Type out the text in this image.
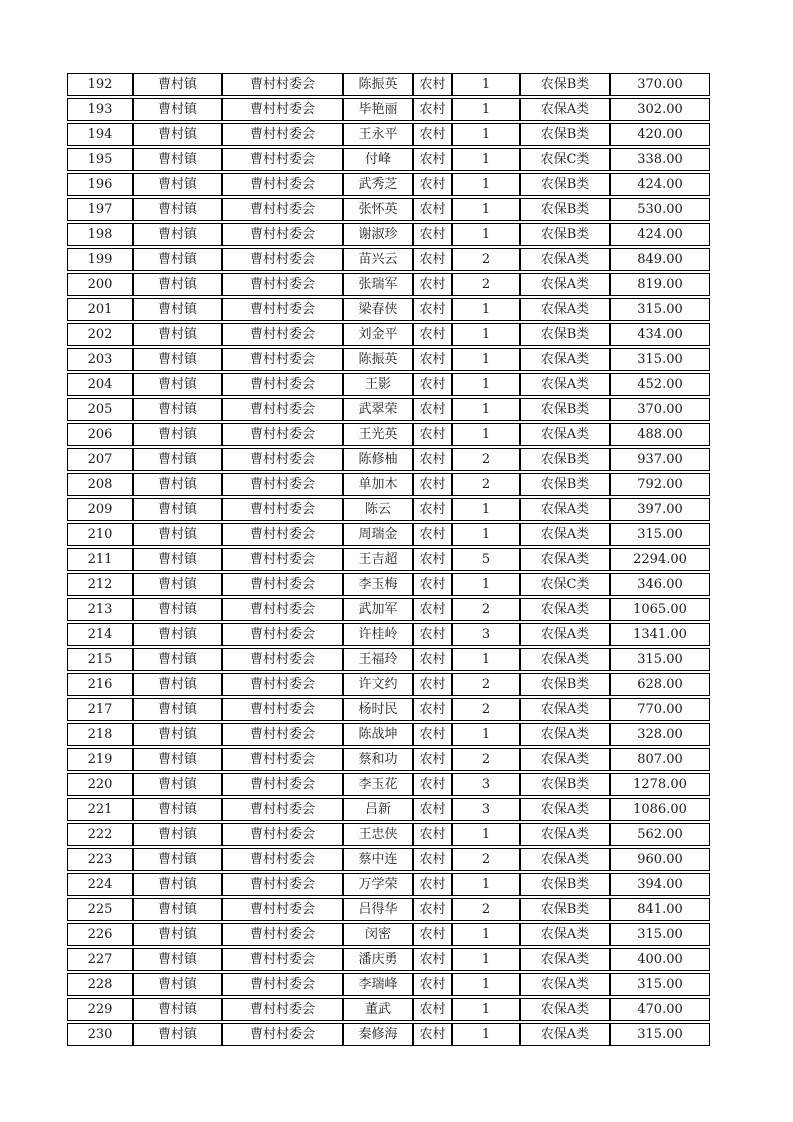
192	曹村镇	曹村村委会	陈振英	农村	1	农保B类	370.00
193	曹村镇	曹村村委会	毕艳丽	农村	1	农保A类	302.00
194	曹村镇	曹村村委会	王永平	农村	1	农保B类	420.00
195	曹村镇	曹村村委会	付峰	农村	1	农保C类	338.00
196	曹村镇	曹村村委会	武秀芝	农村	1	农保B类	424.00
197	曹村镇	曹村村委会	张怀英	农村	1	农保B类	530.00
198	曹村镇	曹村村委会	谢淑珍	农村	1	农保B类	424.00
199	曹村镇	曹村村委会	苗兴云	农村	2	农保A类	849.00
200	曹村镇	曹村村委会	张瑞军	农村	2	农保A类	819.00
201	曹村镇	曹村村委会	梁春侠	农村	1	农保A类	315.00
202	曹村镇	曹村村委会	刘金平	农村	1	农保B类	434.00
203	曹村镇	曹村村委会	陈振英	农村	1	农保A类	315.00
204	曹村镇	曹村村委会	王影	农村	1	农保A类	452.00
205	曹村镇	曹村村委会	武翠荣	农村	1	农保B类	370.00
206	曹村镇	曹村村委会	王光英	农村	1	农保A类	488.00
207	曹村镇	曹村村委会	陈修柚	农村	2	农保B类	937.00
208	曹村镇	曹村村委会	单加木	农村	2	农保B类	792.00
209	曹村镇	曹村村委会	陈云	农村	1	农保A类	397.00
210	曹村镇	曹村村委会	周瑞金	农村	1	农保A类	315.00
211	曹村镇	曹村村委会	王吉超	农村	5	农保A类	2294.00
212	曹村镇	曹村村委会	李玉梅	农村	1	农保C类	346.00
213	曹村镇	曹村村委会	武加军	农村	2	农保A类	1065.00
214	曹村镇	曹村村委会	许桂岭	农村	3	农保A类	1341.00
215	曹村镇	曹村村委会	王福玲	农村	1	农保A类	315.00
216	曹村镇	曹村村委会	许文约	农村	2	农保B类	628.00
217	曹村镇	曹村村委会	杨时民	农村	2	农保A类	770.00
218	曹村镇	曹村村委会	陈战坤	农村	1	农保A类	328.00
219	曹村镇	曹村村委会	蔡和功	农村	2	农保A类	807.00
220	曹村镇	曹村村委会	李玉花	农村	3	农保B类	1278.00
221	曹村镇	曹村村委会	吕新	农村	3	农保A类	1086.00
222	曹村镇	曹村村委会	王忠侠	农村	1	农保A类	562.00
223	曹村镇	曹村村委会	蔡中连	农村	2	农保A类	960.00
224	曹村镇	曹村村委会	万学荣	农村	1	农保B类	394.00
225	曹村镇	曹村村委会	吕得华	农村	2	农保B类	841.00
226	曹村镇	曹村村委会	闵密	农村	1	农保A类	315.00
227	曹村镇	曹村村委会	潘庆勇	农村	1	农保A类	400.00
228	曹村镇	曹村村委会	李瑞峰	农村	1	农保A类	315.00
229	曹村镇	曹村村委会	董武	农村	1	农保A类	470.00
230	曹村镇	曹村村委会	秦修海	农村	1	农保A类	315.00
